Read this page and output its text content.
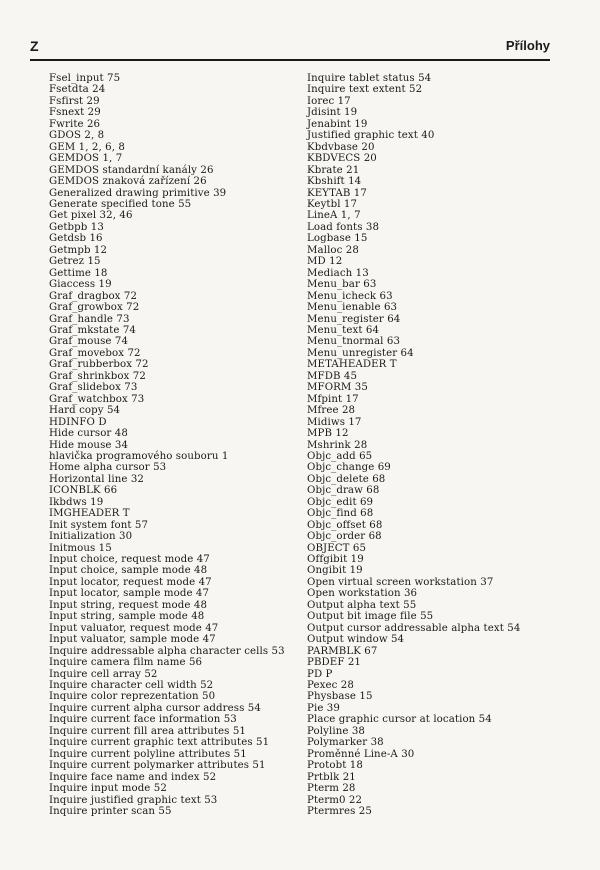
Z	Přílohy
Fsel_input 75
Fsetdta 24
Fsfirst 29
Fsnext 29
Fwrite 26
GDOS 2, 8
GEM 1, 2, 6, 8
GEMDOS 1, 7
GEMDOS standardní kanály 26
GEMDOS znaková zařízení 26
Generalized drawing primitive 39
Generate specified tone 55
Get pixel 32, 46
Getbpb 13
Getdsb 16
Getmpb 12
Getrez 15
Gettime 18
Giaccess 19
Graf_dragbox 72
Graf_growbox 72
Graf_handle 73
Graf_mkstate 74
Graf_mouse 74
Graf_movebox 72
Graf_rubberbox 72
Graf_shrinkbox 72
Graf_slidebox 73
Graf_watchbox 73
Hard copy 54
HDINFO D
Hide cursor 48
Hide mouse 34
hlavička programového souboru 1
Home alpha cursor 53
Horizontal line 32
ICONBLK 66
Ikbdws 19
IMGHEADER T
Init system font 57
Initialization 30
Initmous 15
Input choice, request mode 47
Input choice, sample mode 48
Input locator, request mode 47
Input locator, sample mode 47
Input string, request mode 48
Input string, sample mode 48
Input valuator, request mode 47
Input valuator, sample mode 47
Inquire addressable alpha character cells 53
Inquire camera film name 56
Inquire cell array 52
Inquire character cell width 52
Inquire color reprezentation 50
Inquire current alpha cursor address 54
Inquire current face information 53
Inquire current fill area attributes 51
Inquire current graphic text attributes 51
Inquire current polyline attributes 51
Inquire current polymarker attributes 51
Inquire face name and index 52
Inquire input mode 52
Inquire justified graphic text 53
Inquire printer scan 55
Inquire tablet status 54
Inquire text extent 52
Iorec 17
Jdisint 19
Jenabint 19
Justified graphic text 40
Kbdvbase 20
KBDVECS 20
Kbrate 21
Kbshift 14
KEYTAB 17
Keytbl 17
LineA 1, 7
Load fonts 38
Logbase 15
Malloc 28
MD 12
Mediach 13
Menu_bar 63
Menu_icheck 63
Menu_ienable 63
Menu_register 64
Menu_text 64
Menu_tnormal 63
Menu_unregister 64
METAHEADER T
MFDB 45
MFORM 35
Mfpint 17
Mfree 28
Midiws 17
MPB 12
Mshrink 28
Objc_add 65
Objc_change 69
Objc_delete 68
Objc_draw 68
Objc_edit 69
Objc_find 68
Objc_offset 68
Objc_order 68
OBJECT 65
Offgibit 19
Ongibit 19
Open virtual screen workstation 37
Open workstation 36
Output alpha text 55
Output bit image file 55
Output cursor addressable alpha text 54
Output window 54
PARMBLK 67
PBDEF 21
PD P
Pexec 28
Physbase 15
Pie 39
Place graphic cursor at location 54
Polyline 38
Polymarker 38
Proměnné Line-A 30
Protobt 18
Prtblk 21
Pterm 28
Pterm0 22
Ptermres 25
